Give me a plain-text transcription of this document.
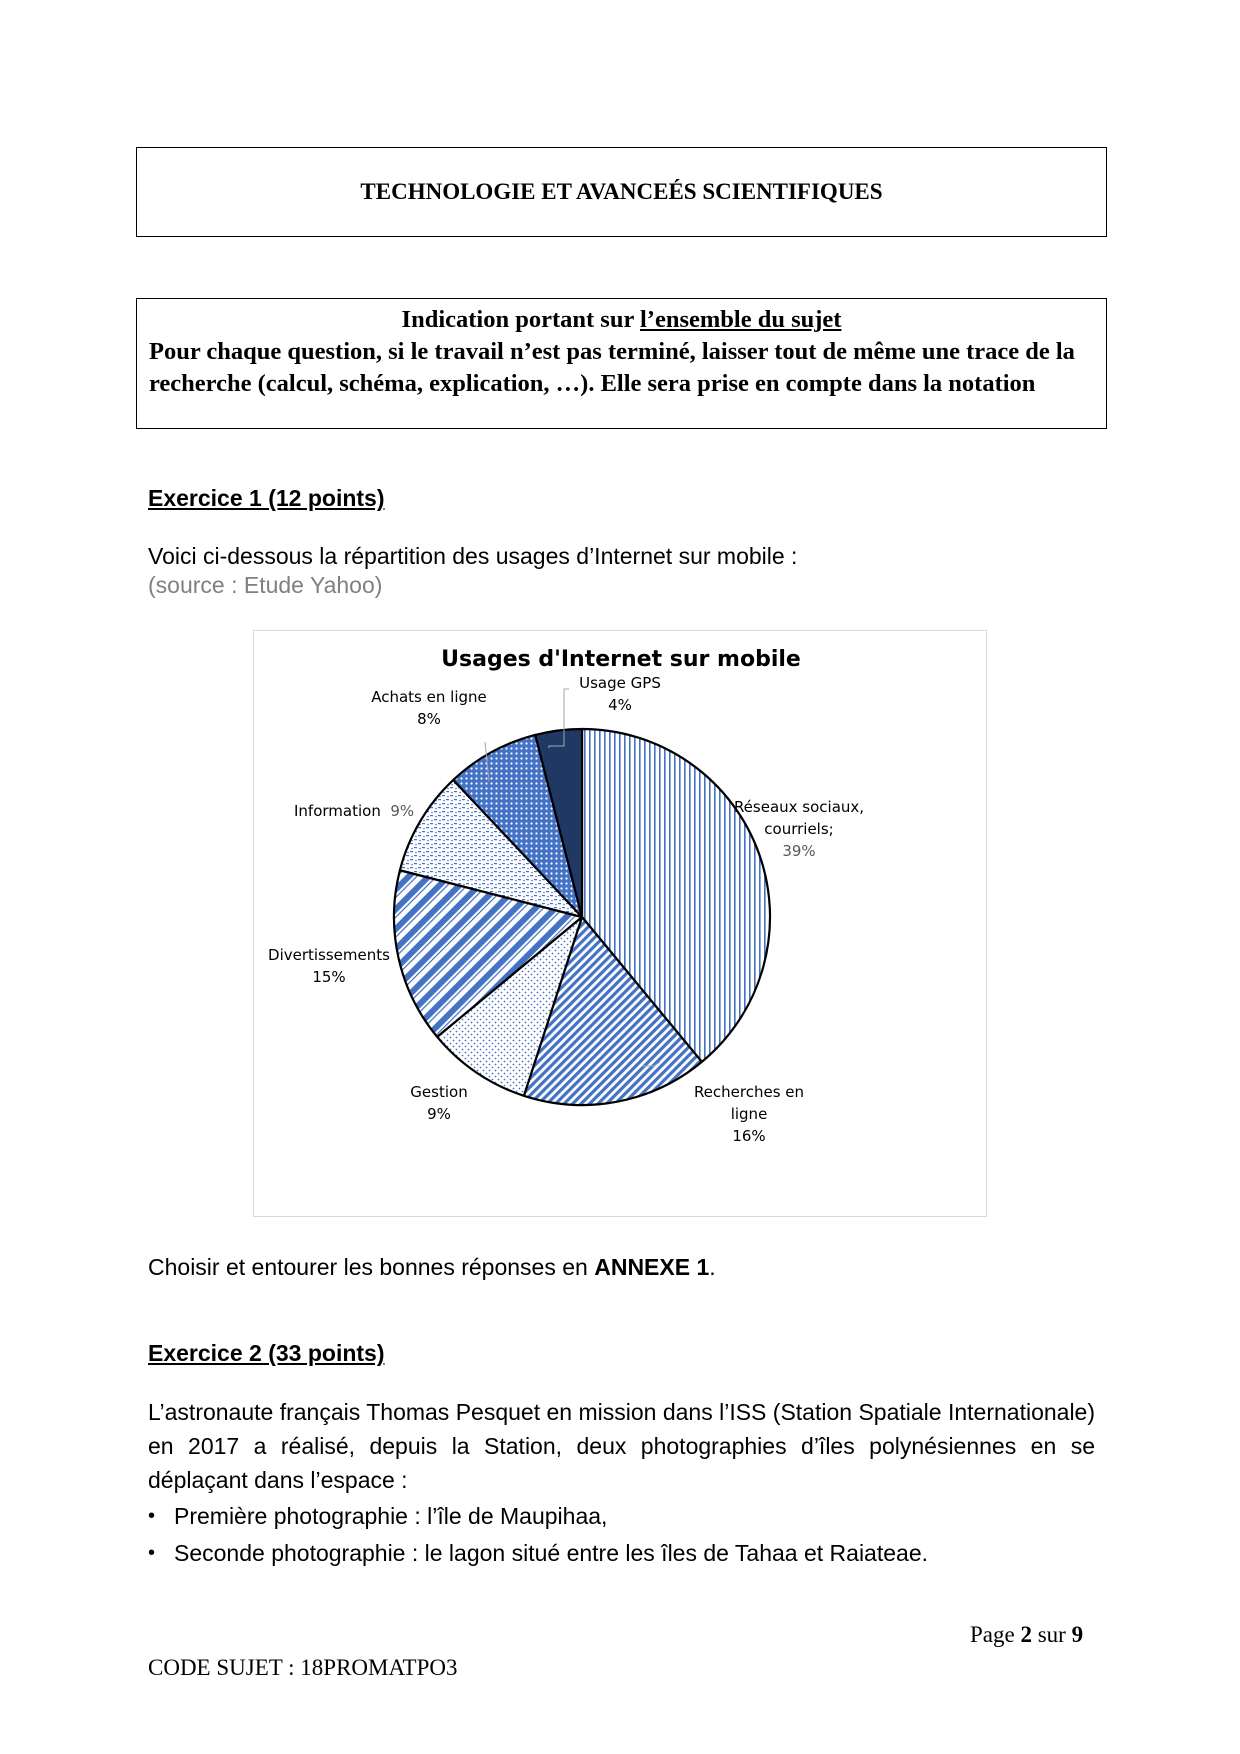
TECHNOLOGIE ET AVANCEÉS SCIENTIFIQUES
Indication portant sur l’ensemble du sujet
Pour chaque question, si le travail n’est pas terminé, laisser tout de même une trace de la recherche (calcul, schéma, explication, …). Elle sera prise en compte dans la notation
Exercice 1 (12 points)
Voici ci-dessous la répartition des usages d’Internet sur mobile :
(source : Etude Yahoo)
Usages d'Internet sur mobile
Usage GPS
4%
Achats en ligne
8%
Réseaux sociaux,
courriels;
39%
Information 9%
Divertissements
15%
Gestion
9%
Recherches en
ligne
16%
Choisir et entourer les bonnes réponses en ANNEXE 1.
Exercice 2 (33 points)
L’astronaute français Thomas Pesquet en mission dans l’ISS (Station Spatiale Internationale) en 2017 a réalisé, depuis la Station, deux photographies d’îles polynésiennes en se déplaçant dans l’espace :
• Première photographie : l’île de Maupihaa,
• Seconde photographie : le lagon situé entre les îles de Tahaa et Raiateae.
Page 2 sur 9
CODE SUJET : 18PROMATPO3
